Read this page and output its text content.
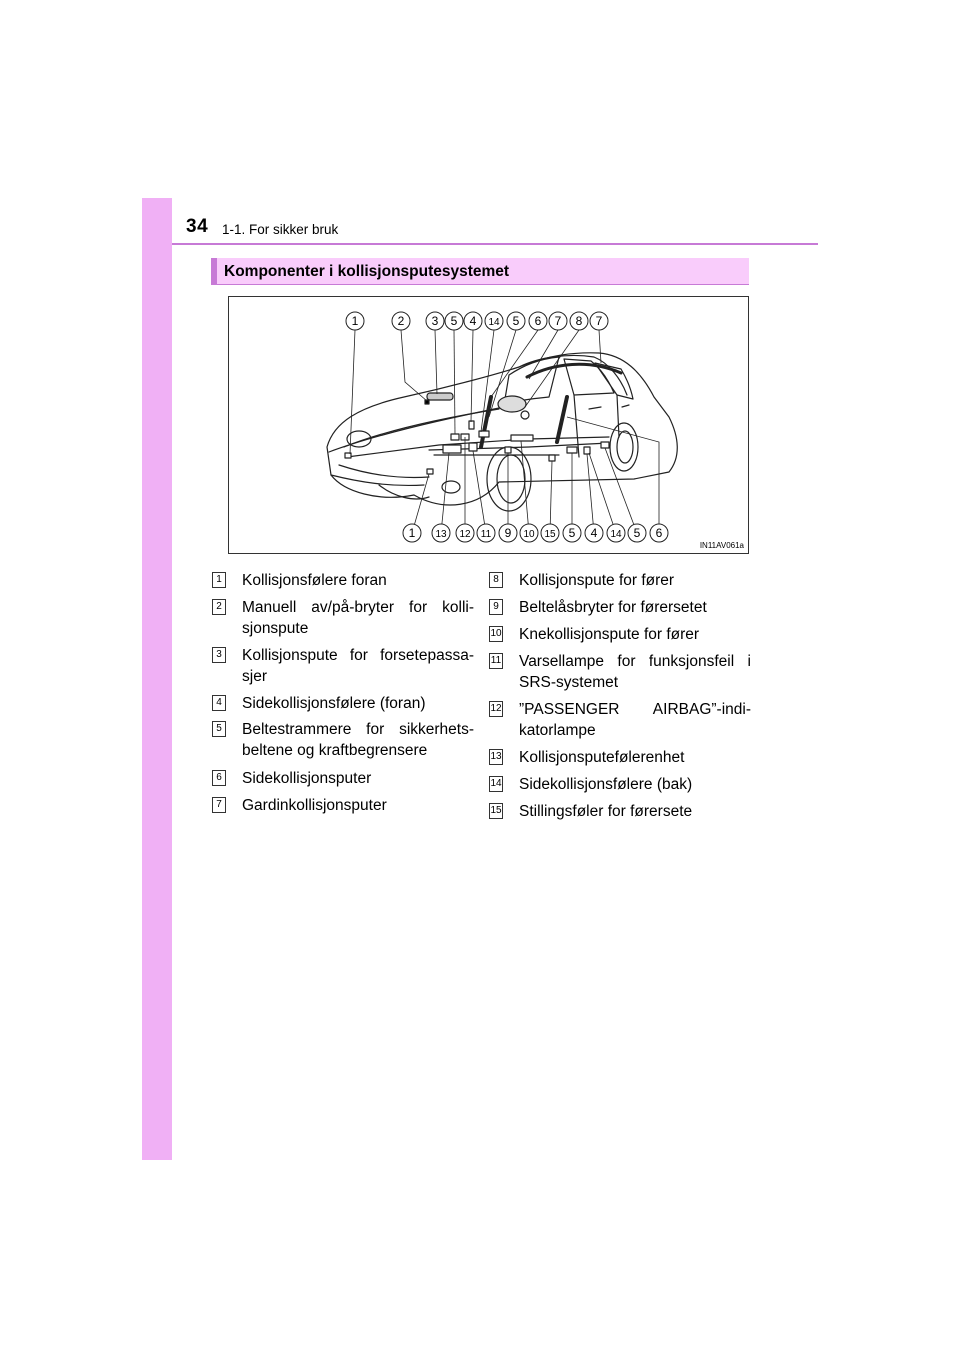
34 1-1. For sikker bruk
Komponenter i kollisjonsputesystemet
1	2 3 5 4 14 5 6 7 8 7
1 13 12 11 9 10 15 5 4 14 5 6
IN11AV061a
1 Kollisjonsfølere foran
2 Manuell av/på-bryter for kolli-sjonspute
3 Kollisjonspute for forsetepassa-sjer
4 Sidekollisjonsfølere (foran)
5 Beltestrammere for sikkerhets-beltene og kraftbegrensere
6 Sidekollisjonsputer
7 Gardinkollisjonsputer
8 Kollisjonspute for fører
9 Beltelåsbryter for førersetet
10 Knekollisjonspute for fører
11 Varsellampe for funksjonsfeil i SRS-systemet
12 ”PASSENGER AIRBAG”-indi-katorlampe
13 Kollisjonsputefølerenhet
14 Sidekollisjonsfølere (bak)
15 Stillingsføler for førersete
